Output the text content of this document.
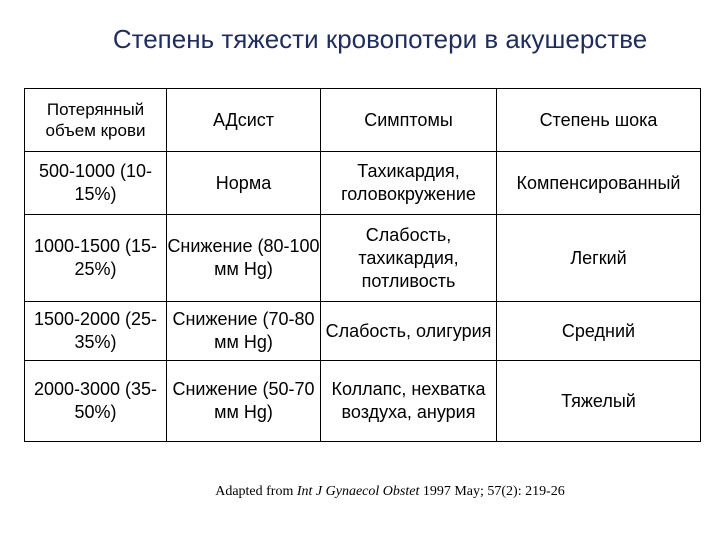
Степень тяжести кровопотери в акушерстве
Потерянный объем крови	АДсист	Симптомы	Степень шока
500-1000 (10-15%)	Норма	Тахикардия, головокружение	Компенсированный
1000-1500 (15-25%)	Снижение (80-100 мм Hg)	Слабость, тахикардия, потливость	Легкий
1500-2000 (25-35%)	Снижение (70-80 мм Hg)	Слабость, олигурия	Средний
2000-3000 (35-50%)	Снижение (50-70 мм Hg)	Коллапс, нехватка воздуха, анурия	Тяжелый
Adapted from Int J Gynaecol Obstet 1997 May; 57(2): 219-26
